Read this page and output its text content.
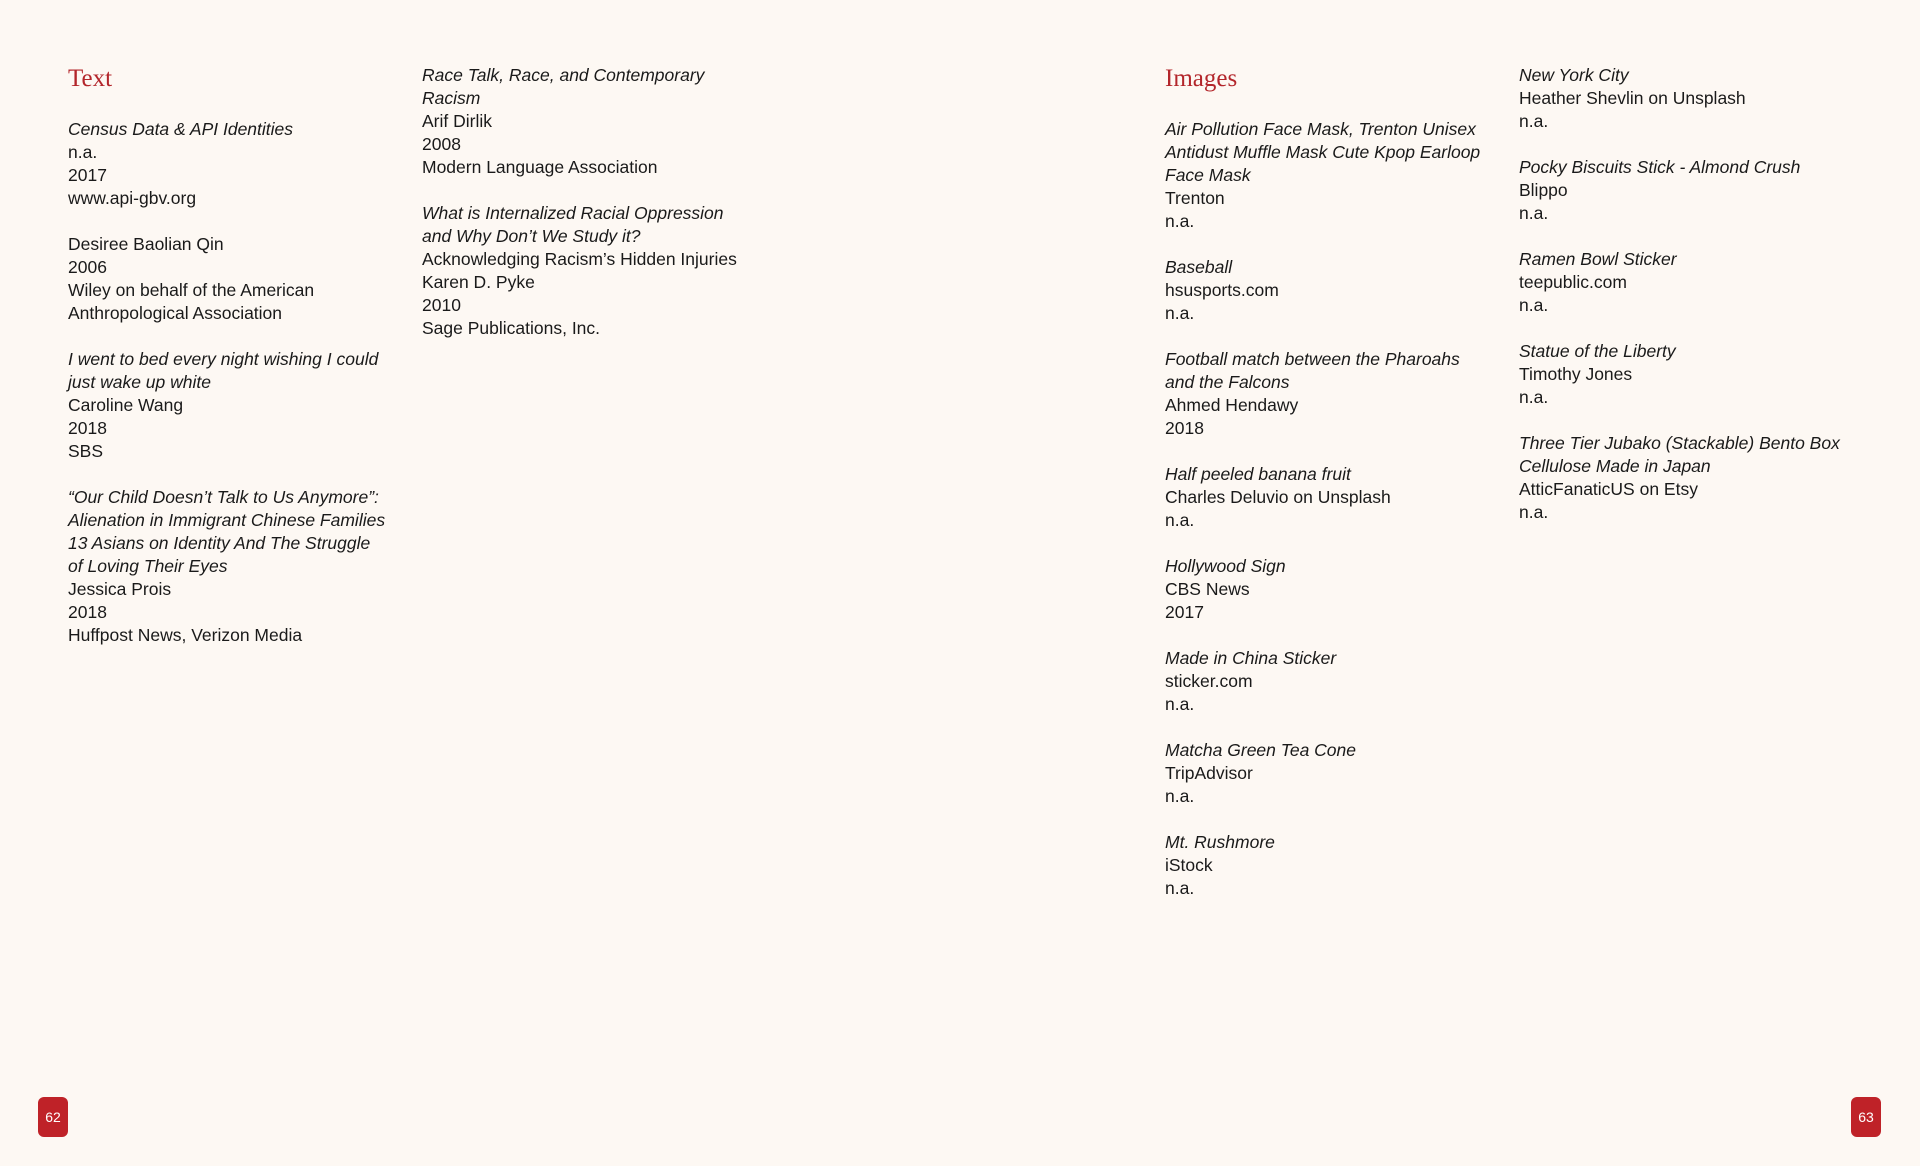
Text
Census Data & API Identities
n.a.
2017
www.api-gbv.org
Desiree Baolian Qin
2006
Wiley on behalf of the American
Anthropological Association
I went to bed every night wishing I could
just wake up white
Caroline Wang
2018
SBS
“Our Child Doesn’t Talk to Us Anymore”:
Alienation in Immigrant Chinese Families
13 Asians on Identity And The Struggle
of Loving Their Eyes
Jessica Prois
2018
Huffpost News, Verizon Media
Race Talk, Race, and Contemporary
Racism
Arif Dirlik
2008
Modern Language Association
What is Internalized Racial Oppression
and Why Don’t We Study it?
Acknowledging Racism’s Hidden Injuries
Karen D. Pyke
2010
Sage Publications, Inc.
Images
Air Pollution Face Mask, Trenton Unisex
Antidust Muffle Mask Cute Kpop Earloop
Face Mask
Trenton
n.a.
Baseball
hsusports.com
n.a.
Football match between the Pharoahs
and the Falcons
Ahmed Hendawy
2018
Half peeled banana fruit
Charles Deluvio on Unsplash
n.a.
Hollywood Sign
CBS News
2017
Made in China Sticker
sticker.com
n.a.
Matcha Green Tea Cone
TripAdvisor
n.a.
Mt. Rushmore
iStock
n.a.
New York City
Heather Shevlin on Unsplash
n.a.
Pocky Biscuits Stick - Almond Crush
Blippo
n.a.
Ramen Bowl Sticker
teepublic.com
n.a.
Statue of the Liberty
Timothy Jones
n.a.
Three Tier Jubako (Stackable) Bento Box
Cellulose Made in Japan
AtticFanaticUS on Etsy
n.a.
62	63
